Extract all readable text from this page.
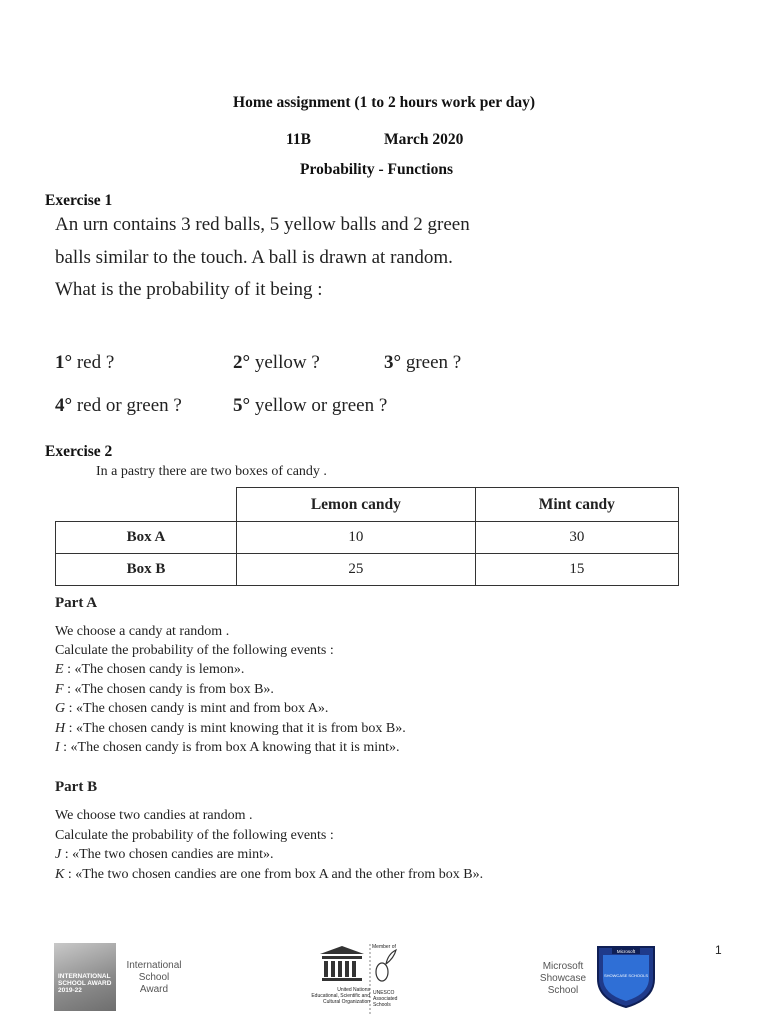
Home assignment (1 to 2 hours work per day)
11B	March 2020
Probability - Functions
Exercise 1
An urn contains 3 red balls, 5 yellow balls and 2 green balls similar to the touch. A ball is drawn at random. What is the probability of it being :
1° red ?	2° yellow ?	3° green ?
4° red or green ?	5° yellow or green ?
Exercise 2
In a pastry there are two boxes of candy .
	Lemon candy	Mint candy
Box A	10	30
Box B	25	15
Part A
We choose a candy at random .
Calculate the probability of the following events :
E : «The chosen candy is lemon».
F : «The chosen candy is from box B».
G : «The chosen candy is mint and from box A».
H : «The chosen candy is mint knowing that it is from box B».
I : «The chosen candy is from box A knowing that it is mint».
Part B
We choose two candies at random .
Calculate the probability of the following events :
J : «The two chosen candies are mint».
K : «The two chosen candies are one from box A and the other from box B».
INTERNATIONAL SCHOOL AWARD 2019-22
International
School
Award
Member of
United Nations
Educational, Scientific and
Cultural Organization
UNESCO
Associated
Schools
Microsoft
Showcase
School
Microsoft
SHOWCASE SCHOOLS
1
